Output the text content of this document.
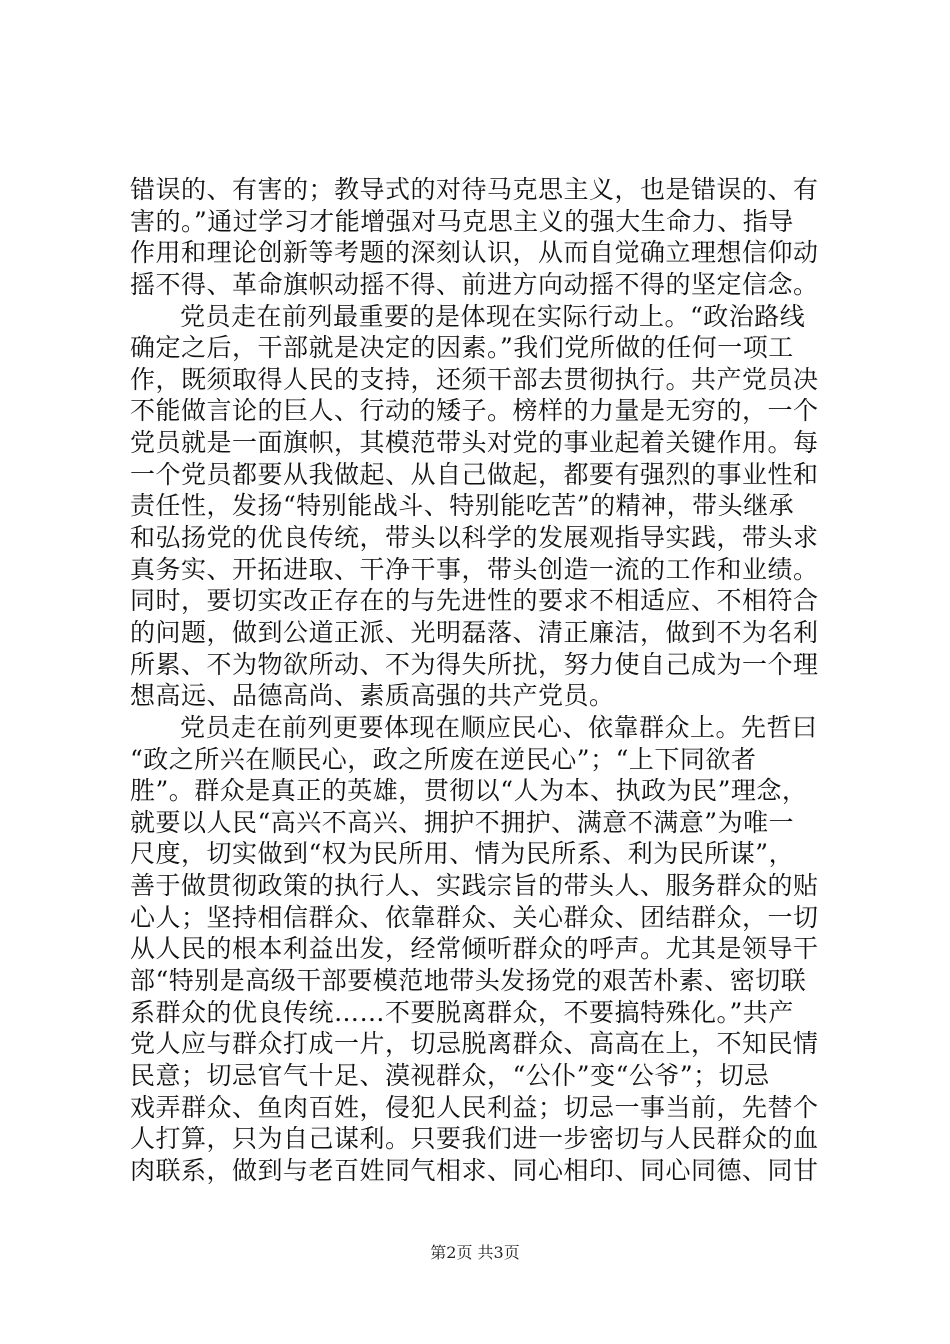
错误的、有害的；教导式的对待马克思主义，也是错误的、有
害的。”通过学习才能增强对马克思主义的强大生命力、指导
作用和理论创新等考题的深刻认识，从而自觉确立理想信仰动
摇不得、革命旗帜动摇不得、前进方向动摇不得的坚定信念。
党员走在前列最重要的是体现在实际行动上。“政治路线
确定之后，干部就是决定的因素。”我们党所做的任何一项工
作，既须取得人民的支持，还须干部去贯彻执行。共产党员决
不能做言论的巨人、行动的矮子。榜样的力量是无穷的，一个
党员就是一面旗帜，其模范带头对党的事业起着关键作用。每
一个党员都要从我做起、从自己做起，都要有强烈的事业性和
责任性，发扬“特别能战斗、特别能吃苦”的精神，带头继承
和弘扬党的优良传统，带头以科学的发展观指导实践，带头求
真务实、开拓进取、干净干事，带头创造一流的工作和业绩。
同时，要切实改正存在的与先进性的要求不相适应、不相符合
的问题，做到公道正派、光明磊落、清正廉洁，做到不为名利
所累、不为物欲所动、不为得失所扰，努力使自己成为一个理
想高远、品德高尚、素质高强的共产党员。
党员走在前列更要体现在顺应民心、依靠群众上。先哲曰
“政之所兴在顺民心，政之所废在逆民心”；“上下同欲者
胜”。群众是真正的英雄，贯彻以“人为本、执政为民”理念，
就要以人民“高兴不高兴、拥护不拥护、满意不满意”为唯一
尺度，切实做到“权为民所用、情为民所系、利为民所谋”，
善于做贯彻政策的执行人、实践宗旨的带头人、服务群众的贴
心人；坚持相信群众、依靠群众、关心群众、团结群众，一切
从人民的根本利益出发，经常倾听群众的呼声。尤其是领导干
部“特别是高级干部要模范地带头发扬党的艰苦朴素、密切联
系群众的优良传统……不要脱离群众，不要搞特殊化。”共产
党人应与群众打成一片，切忌脱离群众、高高在上，不知民情
民意；切忌官气十足、漠视群众，“公仆”变“公爷”；切忌
戏弄群众、鱼肉百姓，侵犯人民利益；切忌一事当前，先替个
人打算，只为自己谋利。只要我们进一步密切与人民群众的血
肉联系，做到与老百姓同气相求、同心相印、同心同德、同甘
第2页 共3页
